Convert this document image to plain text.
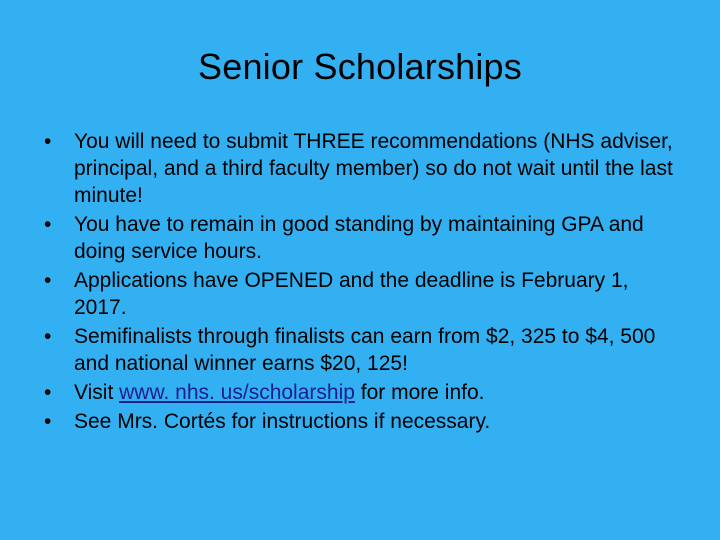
Senior Scholarships
•	You will need to submit THREE recommendations (NHS adviser, principal, and a third faculty member) so do not wait until the last minute!
•	You have to remain in good standing by maintaining GPA and doing service hours.
•	Applications have OPENED and the deadline is February 1, 2017.
•	Semifinalists through finalists can earn from $2, 325 to $4, 500 and national winner earns $20, 125!
•	Visit www. nhs. us/scholarship for more info.
•	See Mrs. Cortés for instructions if necessary.
